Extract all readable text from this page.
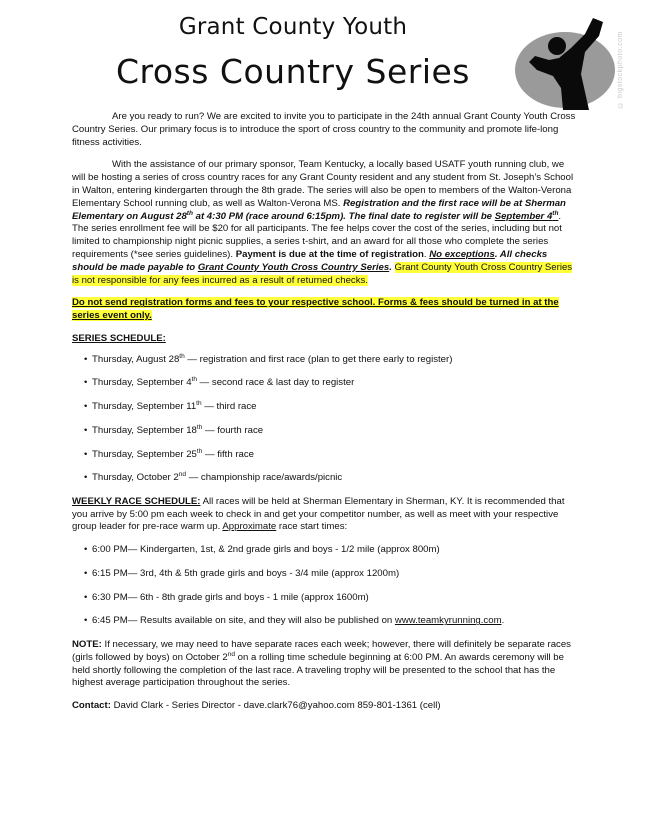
Grant County Youth
Cross Country Series	© bigstockphoto.com

Are you ready to run? We are excited to invite you to participate in the 24th annual Grant County Youth Cross Country Series. Our primary focus is to introduce the sport of cross country to the community and promote life-long fitness activities.

With the assistance of our primary sponsor, Team Kentucky, a locally based USATF youth running club, we will be hosting a series of cross country races for any Grant County resident and any student from St. Joseph’s School in Walton, entering kindergarten through the 8th grade. The series will also be open to members of the Walton-Verona Elementary School running club, as well as Walton-Verona MS. Registration and the first race will be at Sherman Elementary on August 28th at 4:30 PM (race around 6:15pm). The final date to register will be September 4th. The series enrollment fee will be $20 for all participants. The fee helps cover the cost of the series, including but not limited to championship night picnic supplies, a series t-shirt, and an award for all those who complete the series requirements (*see series guidelines). Payment is due at the time of registration. No exceptions. All checks should be made payable to Grant County Youth Cross Country Series. Grant County Youth Cross Country Series is not responsible for any fees incurred as a result of returned checks.

Do not send registration forms and fees to your respective school. Forms & fees should be turned in at the series event only.

SERIES SCHEDULE:
• Thursday, August 28th — registration and first race (plan to get there early to register)
• Thursday, September 4th — second race & last day to register
• Thursday, September 11th — third race
• Thursday, September 18th — fourth race
• Thursday, September 25th — fifth race
• Thursday, October 2nd — championship race/awards/picnic

WEEKLY RACE SCHEDULE: All races will be held at Sherman Elementary in Sherman, KY. It is recommended that you arrive by 5:00 pm each week to check in and get your competitor number, as well as meet with your respective group leader for pre-race warm up. Approximate race start times:

• 6:00 PM— Kindergarten, 1st, & 2nd grade girls and boys - 1/2 mile (approx 800m)
• 6:15 PM— 3rd, 4th & 5th grade girls and boys - 3/4 mile (approx 1200m)
• 6:30 PM— 6th - 8th grade girls and boys - 1 mile (approx 1600m)
• 6:45 PM— Results available on site, and they will also be published on www.teamkyrunning.com.

NOTE: If necessary, we may need to have separate races each week; however, there will definitely be separate races (girls followed by boys) on October 2nd on a rolling time schedule beginning at 6:00 PM. An awards ceremony will be held shortly following the completion of the last race. A traveling trophy will be presented to the school that has the highest average participation throughout the series.

Contact: David Clark - Series Director - dave.clark76@yahoo.com 859-801-1361 (cell)
